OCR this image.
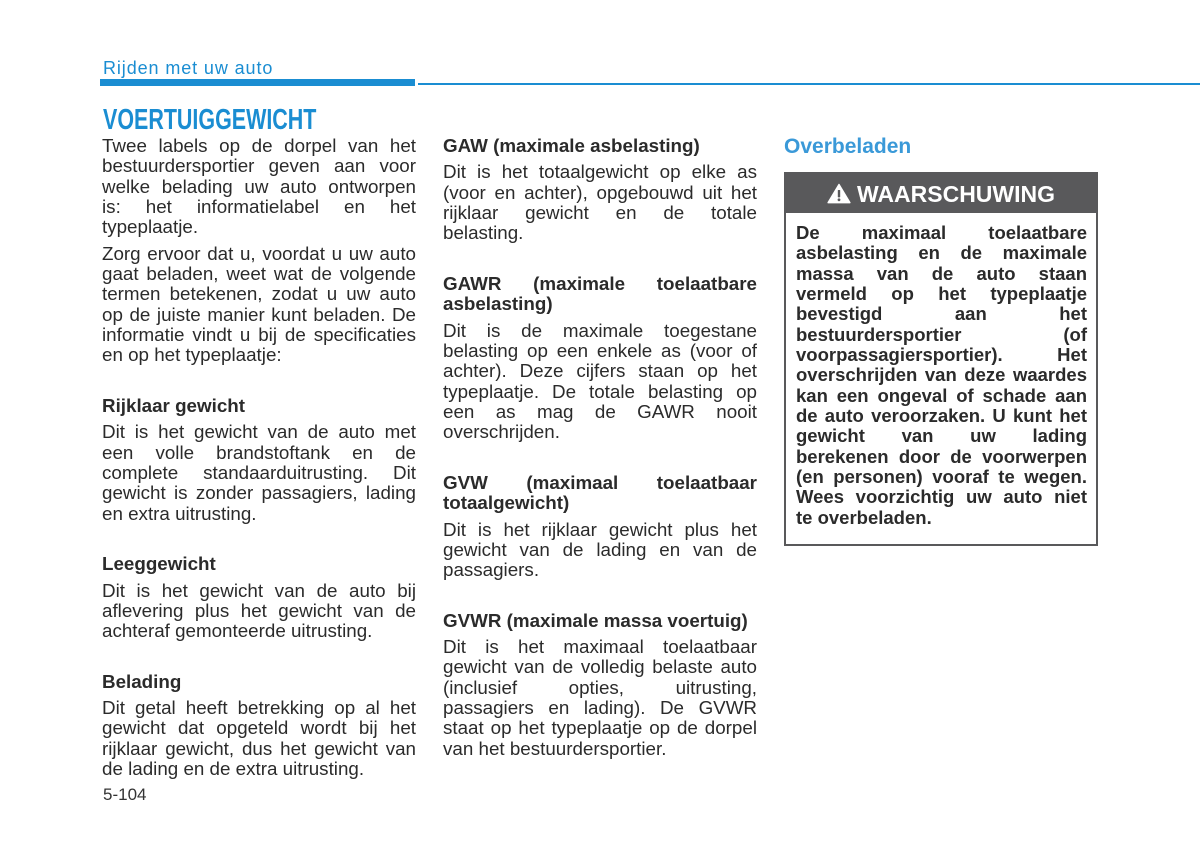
Rijden met uw auto
VOERTUIGGEWICHT
Twee labels op de dorpel van het
bestuurdersportier geven aan voor
welke belading uw auto ontworpen
is: het informatielabel en het
typeplaatje.
Zorg ervoor dat u, voordat u uw auto
gaat beladen, weet wat de volgende
termen betekenen, zodat u uw auto
op de juiste manier kunt beladen. De
informatie vindt u bij de specificaties
en op het typeplaatje:
Rijklaar gewicht
Dit is het gewicht van de auto met
een volle brandstoftank en de
complete standaarduitrusting. Dit
gewicht is zonder passagiers, lading
en extra uitrusting.
Leeggewicht
Dit is het gewicht van de auto bij
aflevering plus het gewicht van de
achteraf gemonteerde uitrusting.
Belading
Dit getal heeft betrekking op al het
gewicht dat opgeteld wordt bij het
rijklaar gewicht, dus het gewicht van
de lading en de extra uitrusting.
GAW (maximale asbelasting)
Dit is het totaalgewicht op elke as
(voor en achter), opgebouwd uit het
rijklaar gewicht en de totale
belasting.
GAWR (maximale toelaatbare
asbelasting)
Dit is de maximale toegestane
belasting op een enkele as (voor of
achter). Deze cijfers staan op het
typeplaatje. De totale belasting op
een as mag de GAWR nooit
overschrijden.
GVW (maximaal toelaatbaar
totaalgewicht)
Dit is het rijklaar gewicht plus het
gewicht van de lading en van de
passagiers.
GVWR (maximale massa voertuig)
Dit is het maximaal toelaatbaar
gewicht van de volledig belaste auto
(inclusief opties, uitrusting,
passagiers en lading). De GVWR
staat op het typeplaatje op de dorpel
van het bestuurdersportier.
Overbeladen
WAARSCHUWING
De maximaal toelaatbare
asbelasting en de maximale
massa van de auto staan
vermeld op het typeplaatje
bevestigd aan het
bestuurdersportier (of
voorpassagiersportier). Het
overschrijden van deze waardes
kan een ongeval of schade aan
de auto veroorzaken. U kunt het
gewicht van uw lading
berekenen door de voorwerpen
(en personen) vooraf te wegen.
Wees voorzichtig uw auto niet
te overbeladen.
5-104
